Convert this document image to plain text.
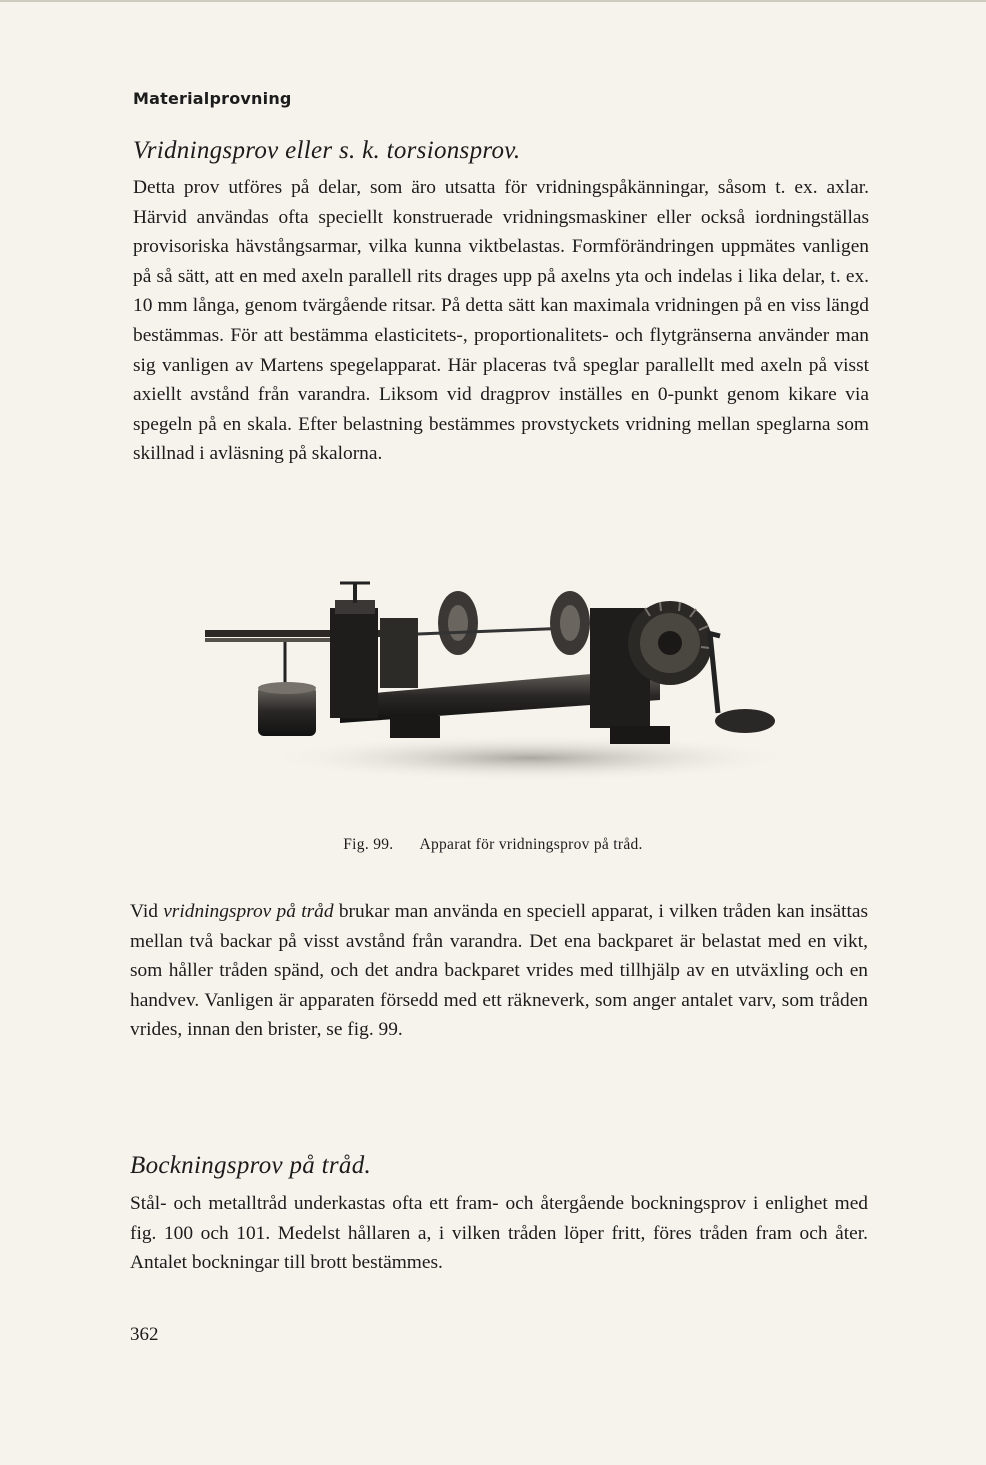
Materialprovning
Vridningsprov eller s. k. torsionsprov.

Detta prov utföres på delar, som äro utsatta för vridningspåkänningar, såsom t. ex. axlar. Härvid användas ofta speciellt konstruerade vridningsmaskiner eller också iordningställas provisoriska hävstångsarmar, vilka kunna viktbelastas. Formförändringen uppmätes vanligen på så sätt, att en med axeln parallell rits drages upp på axelns yta och indelas i lika delar, t. ex. 10 mm långa, genom tvärgående ritsar. På detta sätt kan maximala vridningen på en viss längd bestämmas. För att bestämma elasticitets-, proportionalitets- och flytgränserna använder man sig vanligen av Martens spegelapparat. Här placeras två speglar parallellt med axeln på visst axiellt avstånd från varandra. Liksom vid dragprov inställes en 0-punkt genom kikare via spegeln på en skala. Efter belastning bestämmes provstyckets vridning mellan speglarna som skillnad i avläsning på skalorna.

Fig. 99. Apparat för vridningsprov på tråd.

Vid vridningsprov på tråd brukar man använda en speciell apparat, i vilken tråden kan insättas mellan två backar på visst avstånd från varandra. Det ena backparet är belastat med en vikt, som håller tråden spänd, och det andra backparet vrides med tillhjälp av en utväxling och en handvev. Vanligen är apparaten försedd med ett räkneverk, som anger antalet varv, som tråden vrides, innan den brister, se fig. 99.

Bockningsprov på tråd.

Stål- och metalltråd underkastas ofta ett fram- och återgående bockningsprov i enlighet med fig. 100 och 101. Medelst hållaren a, i vilken tråden löper fritt, föres tråden fram och åter. Antalet bockningar till brott bestämmes.

362
